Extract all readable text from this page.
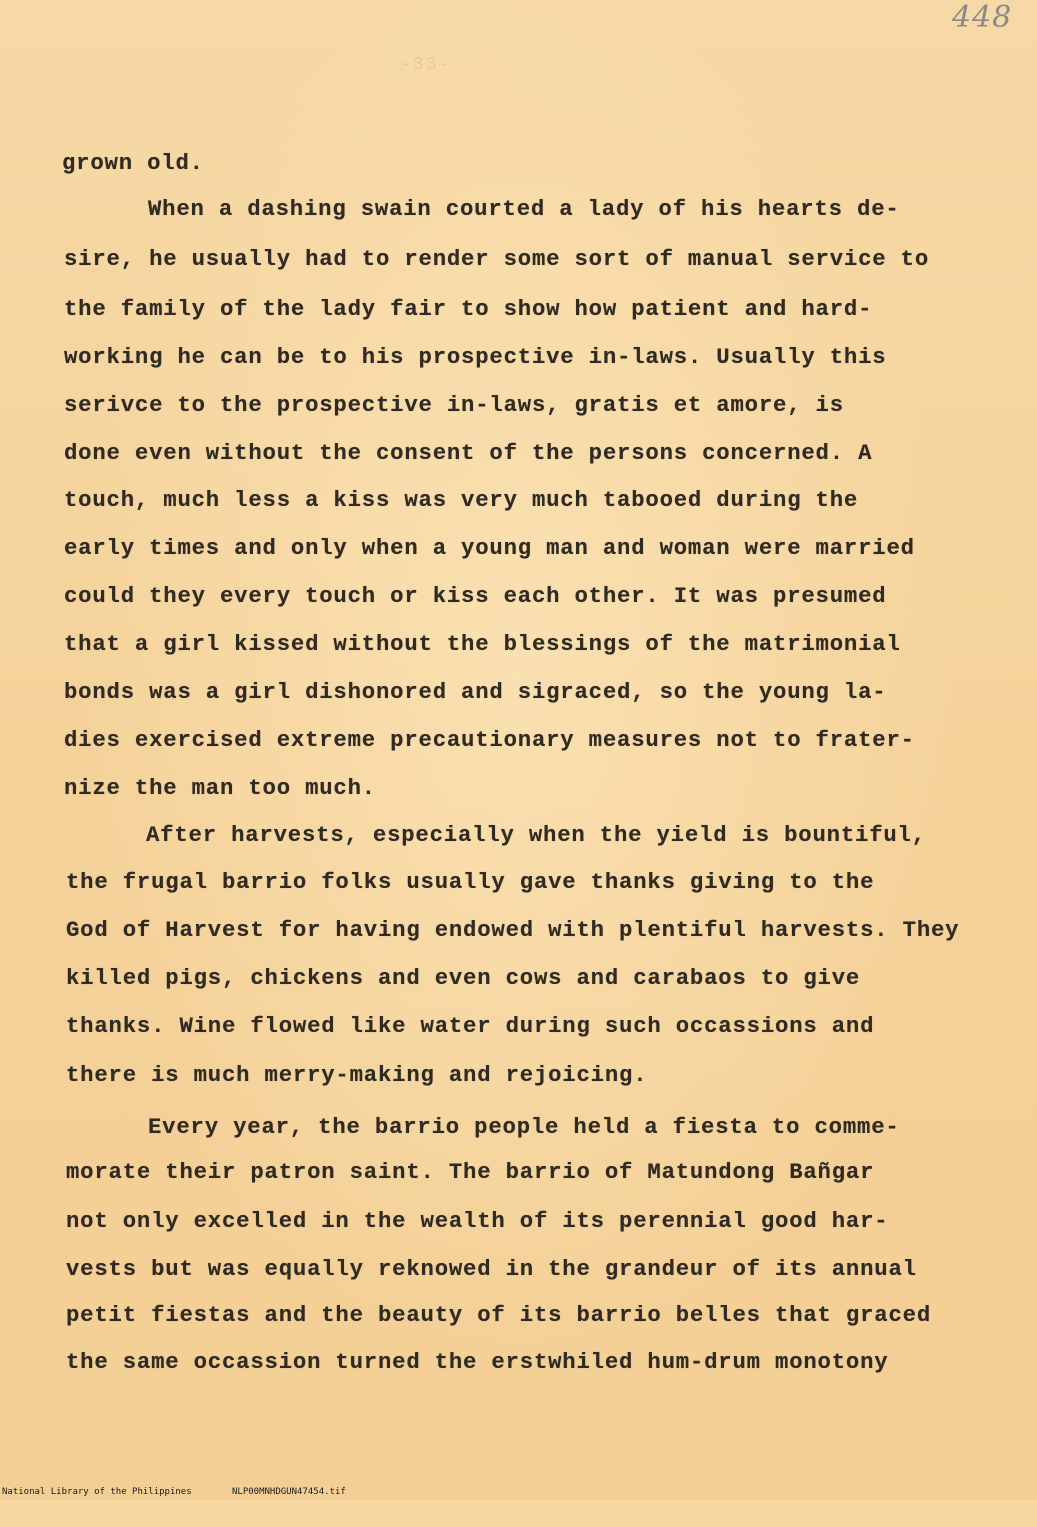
-33-
448
grown old.
When a dashing swain courted a lady of his hearts de-
sire, he usually had to render some sort of manual service to
the family of the lady fair to show how patient and hard-
working he can be to his prospective in-laws. Usually this
serivce to the prospective in-laws, gratis et amore, is
done even without the consent of the persons concerned. A
touch, much less a kiss was very much tabooed during the
early times and only when a young man and woman were married
could they every touch or kiss each other. It was presumed
that a girl kissed without the blessings of the matrimonial
bonds was a girl dishonored and sigraced, so the young la-
dies exercised extreme precautionary measures not to frater-
nize the man too much.
After harvests, especially when the yield is bountiful,
the frugal barrio folks usually gave thanks giving to the
God of Harvest for having endowed with plentiful harvests. They
killed pigs, chickens and even cows and carabaos to give
thanks. Wine flowed like water during such occassions and
there is much merry-making and rejoicing.
Every year, the barrio people held a fiesta to comme-
morate their patron saint. The barrio of Matundong Bañgar
not only excelled in the wealth of its perennial good har-
vests but was equally reknowed in the grandeur of its annual
petit fiestas and the beauty of its barrio belles that graced
the same occassion turned the erstwhiled hum-drum monotony

National Library of the Philippines

	NLP00MNHDGUN47454.tif
